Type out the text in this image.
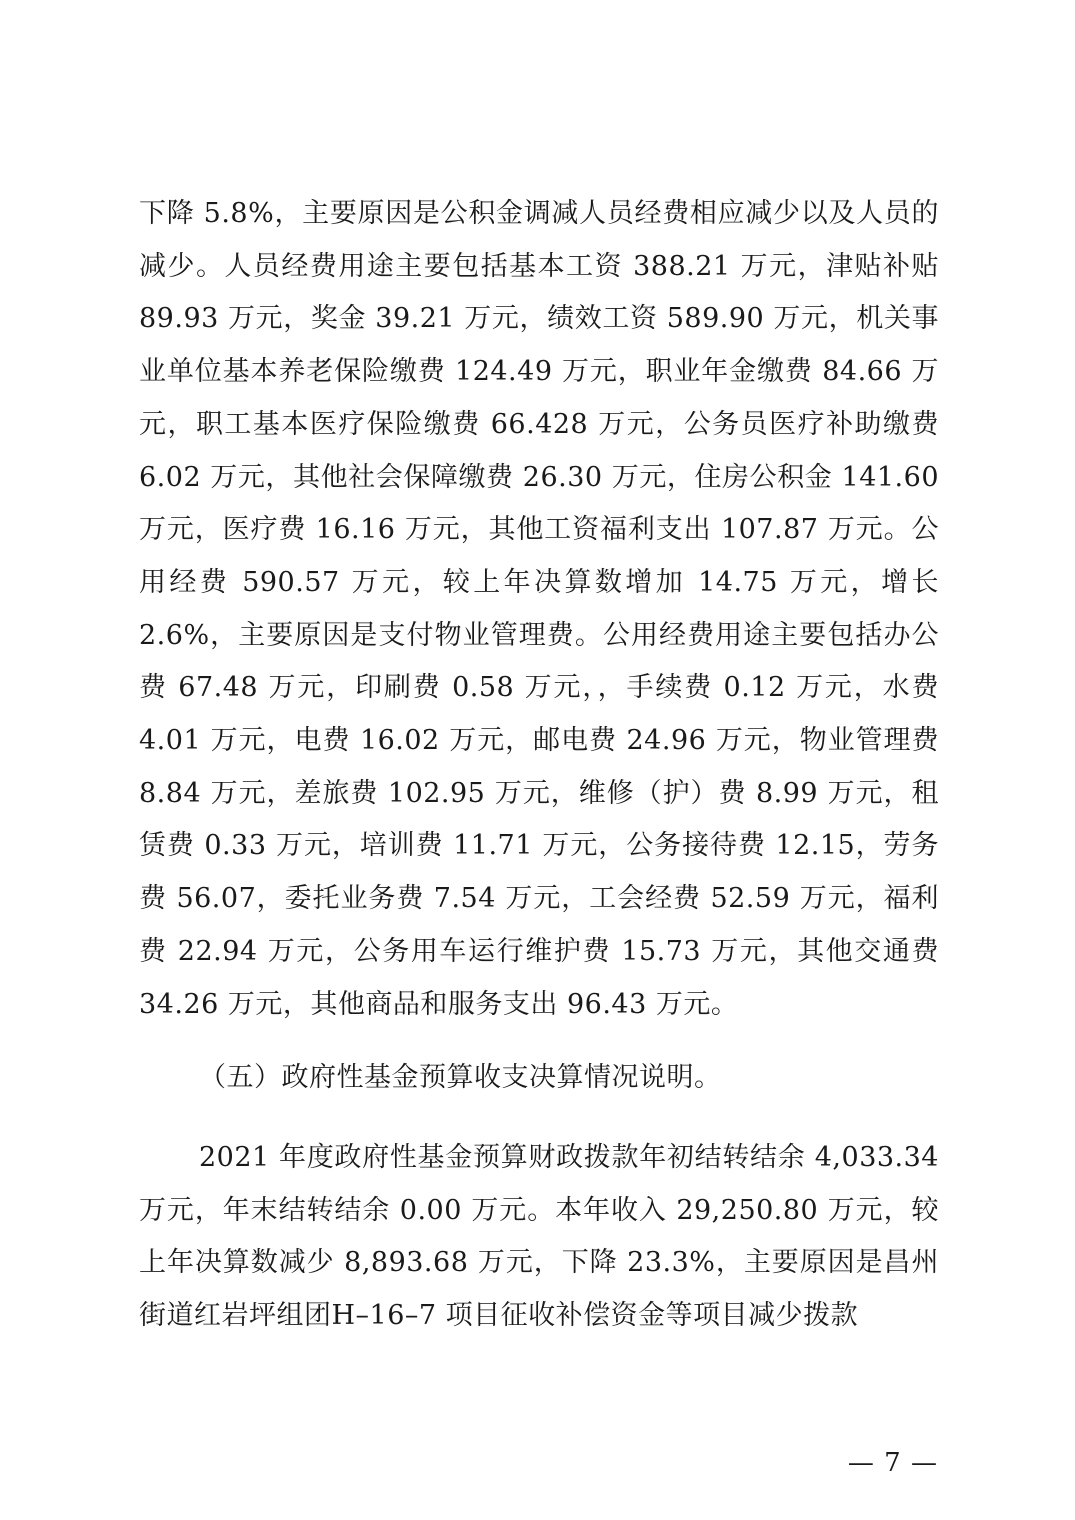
下降 5.8%，主要原因是公积金调减人员经费相应减少以及人员的减少。人员经费用途主要包括基本工资 388.21 万元，津贴补贴 89.93 万元，奖金 39.21 万元，绩效工资 589.90 万元，机关事业单位基本养老保险缴费 124.49 万元，职业年金缴费 84.66 万元，职工基本医疗保险缴费 66.428 万元，公务员医疗补助缴费 6.02 万元，其他社会保障缴费 26.30 万元，住房公积金 141.60 万元，医疗费 16.16 万元，其他工资福利支出 107.87 万元。公用经费 590.57 万元，较上年决算数增加 14.75 万元，增长 2.6%，主要原因是支付物业管理费。公用经费用途主要包括办公费 67.48 万元，印刷费 0.58 万元，，手续费 0.12 万元，水费 4.01 万元，电费 16.02 万元，邮电费 24.96 万元，物业管理费 8.84 万元，差旅费 102.95 万元，维修（护）费 8.99 万元，租赁费 0.33 万元，培训费 11.71 万元，公务接待费 12.15，劳务费 56.07，委托业务费 7.54 万元，工会经费 52.59 万元，福利费 22.94 万元，公务用车运行维护费 15.73 万元，其他交通费 34.26 万元，其他商品和服务支出 96.43 万元。

（五）政府性基金预算收支决算情况说明。

2021 年度政府性基金预算财政拨款年初结转结余 4,033.34 万元，年末结转结余 0.00 万元。本年收入 29,250.80 万元，较上年决算数减少 8,893.68 万元，下降 23.3%，主要原因是昌州街道红岩坪组团H–16–7 项目征收补偿资金等项目减少拨款

— 7 —
